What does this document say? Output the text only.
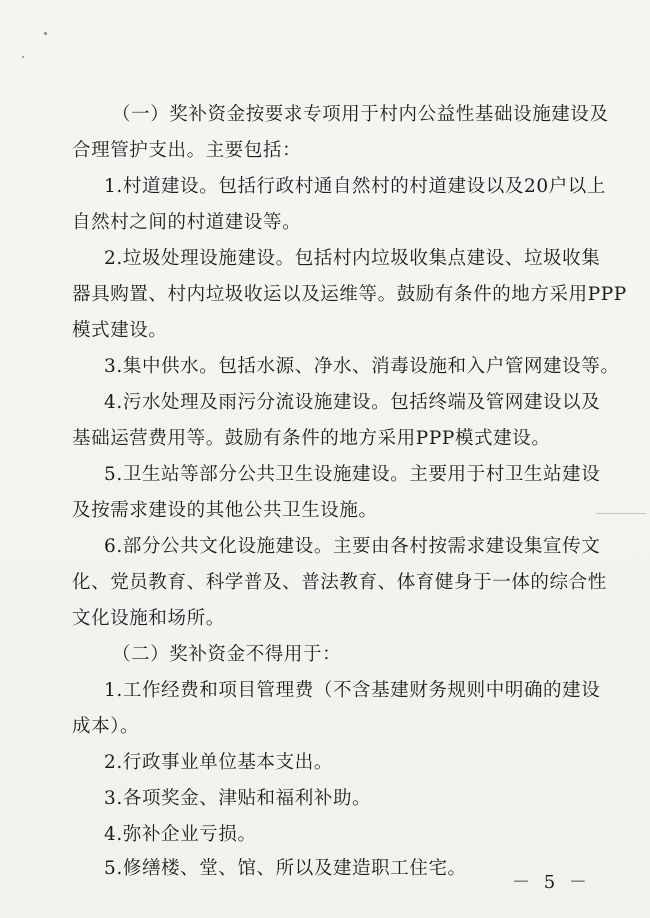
（一）奖补资金按要求专项用于村内公益性基础设施建设及
合理管护支出。主要包括：
1.村道建设。包括行政村通自然村的村道建设以及20户以上
自然村之间的村道建设等。
2.垃圾处理设施建设。包括村内垃圾收集点建设、垃圾收集
器具购置、村内垃圾收运以及运维等。鼓励有条件的地方采用PPP
模式建设。
3.集中供水。包括水源、净水、消毒设施和入户管网建设等。
4.污水处理及雨污分流设施建设。包括终端及管网建设以及
基础运营费用等。鼓励有条件的地方采用PPP模式建设。
5.卫生站等部分公共卫生设施建设。主要用于村卫生站建设
及按需求建设的其他公共卫生设施。
6.部分公共文化设施建设。主要由各村按需求建设集宣传文
化、党员教育、科学普及、普法教育、体育健身于一体的综合性
文化设施和场所。
（二）奖补资金不得用于：
1.工作经费和项目管理费（不含基建财务规则中明确的建设
成本）。
2.行政事业单位基本支出。
3.各项奖金、津贴和福利补助。
4.弥补企业亏损。
5.修缮楼、堂、馆、所以及建造职工住宅。
－ 5 －
